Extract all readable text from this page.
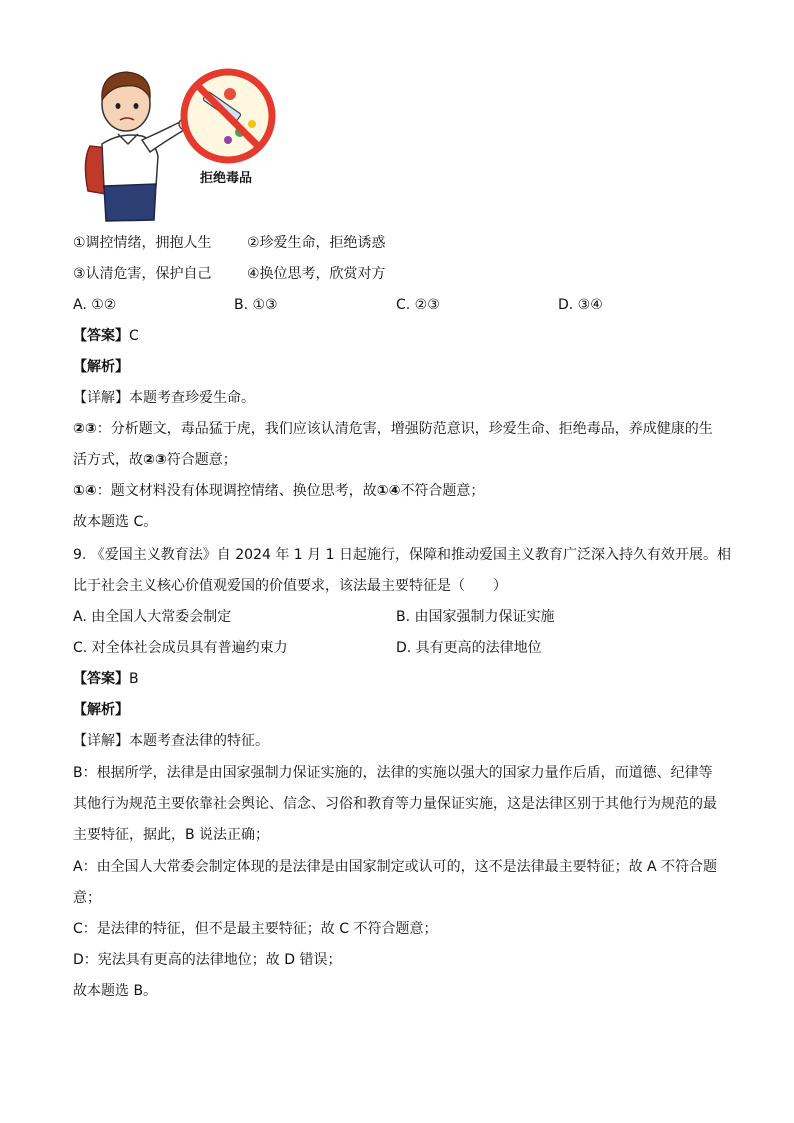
拒绝毒品
①调控情绪，拥抱人生	②珍爱生命，拒绝诱惑
③认清危害，保护自己	④换位思考，欣赏对方
A. ①②	B. ①③	C. ②③	D. ③④
【答案】C
【解析】
【详解】本题考查珍爱生命。
②③：分析题文，毒品猛于虎，我们应该认清危害，增强防范意识，珍爱生命、拒绝毒品，养成健康的生
活方式，故②③符合题意；
①④：题文材料没有体现调控情绪、换位思考，故①④不符合题意；
故本题选 C。
9. 《爱国主义教育法》自 2024 年 1 月 1 日起施行，保障和推动爱国主义教育广泛深入持久有效开展。相
比于社会主义核心价值观爱国的价值要求，该法最主要特征是（　　）
A. 由全国人大常委会制定	B. 由国家强制力保证实施
C. 对全体社会成员具有普遍约束力	D. 具有更高的法律地位
【答案】B
【解析】
【详解】本题考查法律的特征。
B：根据所学，法律是由国家强制力保证实施的，法律的实施以强大的国家力量作后盾，而道德、纪律等
其他行为规范主要依靠社会舆论、信念、习俗和教育等力量保证实施，这是法律区别于其他行为规范的最
主要特征，据此，B 说法正确；
A：由全国人大常委会制定体现的是法律是由国家制定或认可的，这不是法律最主要特征；故 A 不符合题
意；
C：是法律的特征，但不是最主要特征；故 C 不符合题意；
D：宪法具有更高的法律地位；故 D 错误；
故本题选 B。
